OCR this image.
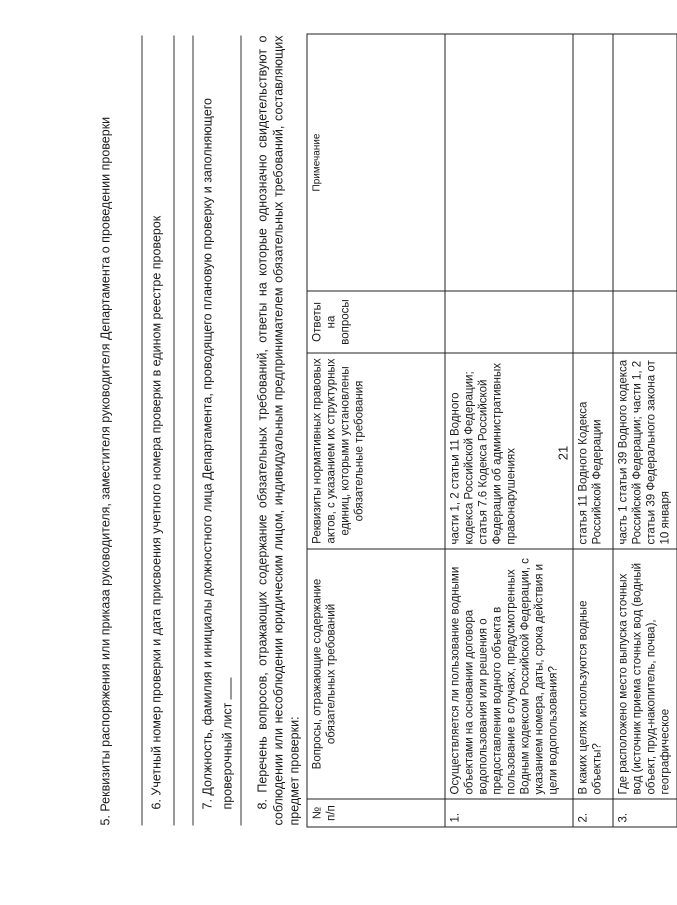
21
5. Реквизиты распоряжения или приказа руководителя, заместителя руководителя Департамента о проведении проверки	6. Учетный номер проверки и дата присвоения учетного номера проверки в едином реестре проверок	7. Должность, фамилия и инициалы должностного лица Департамента, проводящего плановую проверку и заполняющего проверочный лист 8. Перечень вопросов, отражающих содержание обязательных требований, ответы на которые однозначно свидетельствуют о соблюдении или несоблюдении юридическим лицом, индивидуальным предпринимателем обязательных требований, составляющих предмет проверки: № п/п	Вопросы, отражающие содержание обязательных требований	Реквизиты нормативных правовых актов, с указанием их структурных единиц, которыми установлены обязательные требования	Ответы на вопросы	Примечание
1.	Осуществляется ли пользование водными объектами на основании договора водопользования или решения о предоставлении водного объекта в пользование в случаях, предусмотренных Водным кодексом Российской Федерации, с указанием номера, даты, срока действия и цели водопользования?	части 1, 2 статьи 11 Водного кодекса Российской Федерации; статья 7.6 Кодекса Российской Федерации об административных правонарушениях		
2.	В каких целях используются водные объекты?	статья 11 Водного Кодекса Российской Федерации		
3.	Где расположено место выпуска сточных вод (источник приема сточных вод (водный объект, пруд-накопитель, почва), географическое	часть 1 статьи 39 Водного кодекса Российской Федерации; части 1, 2 статьи 39 Федерального закона от 10 января		
